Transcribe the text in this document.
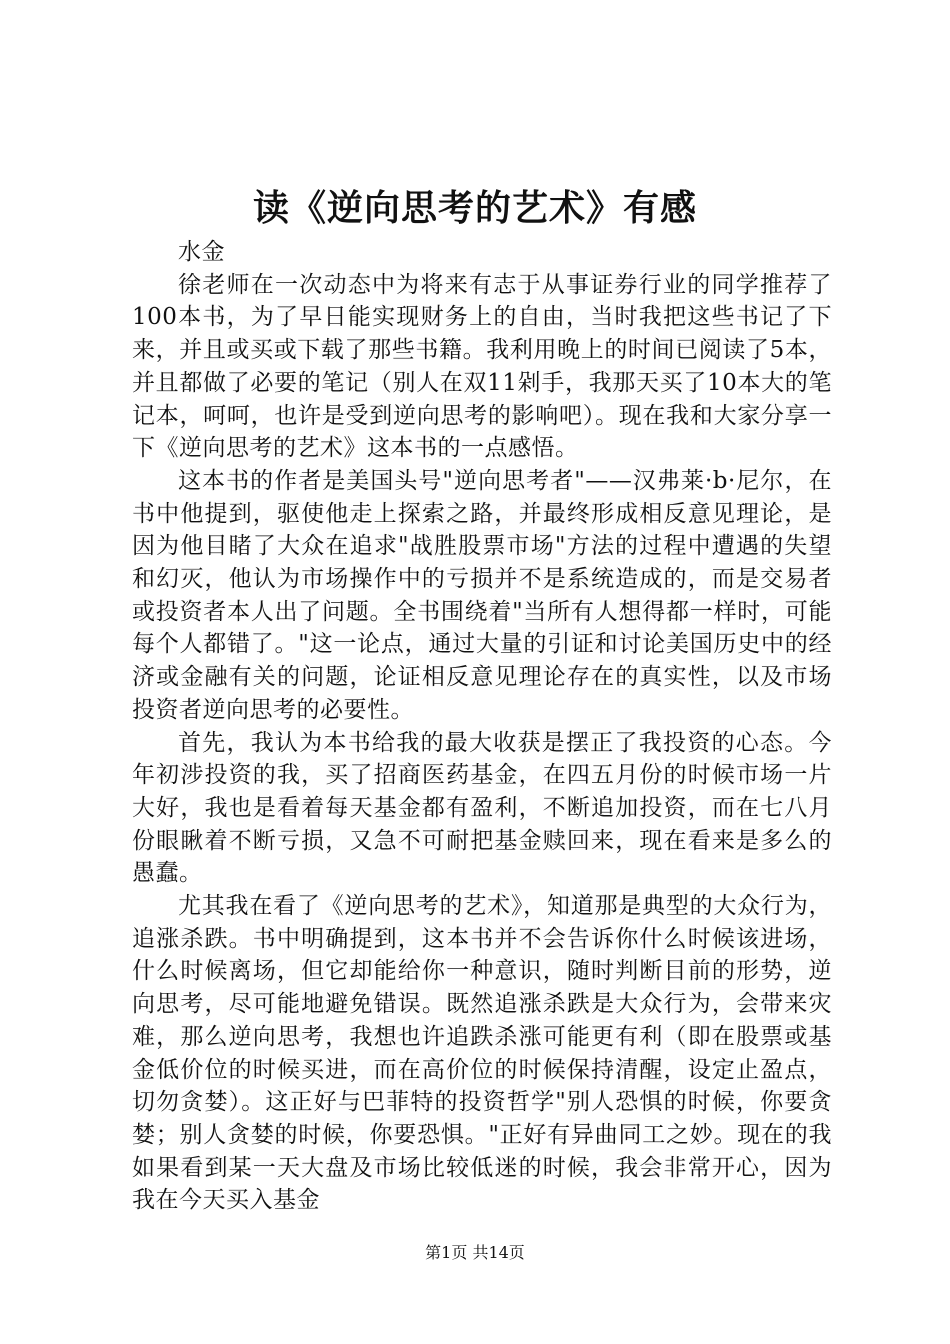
读《逆向思考的艺术》有感

水金

徐老师在一次动态中为将来有志于从事证券行业的同学推荐了100本书，为了早日能实现财务上的自由，当时我把这些书记了下来，并且或买或下载了那些书籍。我利用晚上的时间已阅读了5本，并且都做了必要的笔记（别人在双11剁手，我那天买了10本大的笔记本，呵呵，也许是受到逆向思考的影响吧）。现在我和大家分享一下《逆向思考的艺术》这本书的一点感悟。

这本书的作者是美国头号"逆向思考者"——汉弗莱·b·尼尔，在书中他提到，驱使他走上探索之路，并最终形成相反意见理论，是因为他目睹了大众在追求"战胜股票市场"方法的过程中遭遇的失望和幻灭，他认为市场操作中的亏损并不是系统造成的，而是交易者或投资者本人出了问题。全书围绕着"当所有人想得都一样时，可能每个人都错了。"这一论点，通过大量的引证和讨论美国历史中的经济或金融有关的问题，论证相反意见理论存在的真实性，以及市场投资者逆向思考的必要性。

首先，我认为本书给我的最大收获是摆正了我投资的心态。今年初涉投资的我，买了招商医药基金，在四五月份的时候市场一片大好，我也是看着每天基金都有盈利，不断追加投资，而在七八月份眼瞅着不断亏损，又急不可耐把基金赎回来，现在看来是多么的愚蠢。

尤其我在看了《逆向思考的艺术》，知道那是典型的大众行为，追涨杀跌。书中明确提到，这本书并不会告诉你什么时候该进场，什么时候离场，但它却能给你一种意识，随时判断目前的形势，逆向思考，尽可能地避免错误。既然追涨杀跌是大众行为，会带来灾难，那么逆向思考，我想也许追跌杀涨可能更有利（即在股票或基金低价位的时候买进，而在高价位的时候保持清醒，设定止盈点，切勿贪婪）。这正好与巴菲特的投资哲学"别人恐惧的时候，你要贪婪；别人贪婪的时候，你要恐惧。"正好有异曲同工之妙。现在的我如果看到某一天大盘及市场比较低迷的时候，我会非常开心，因为我在今天买入基金

第1页 共14页
